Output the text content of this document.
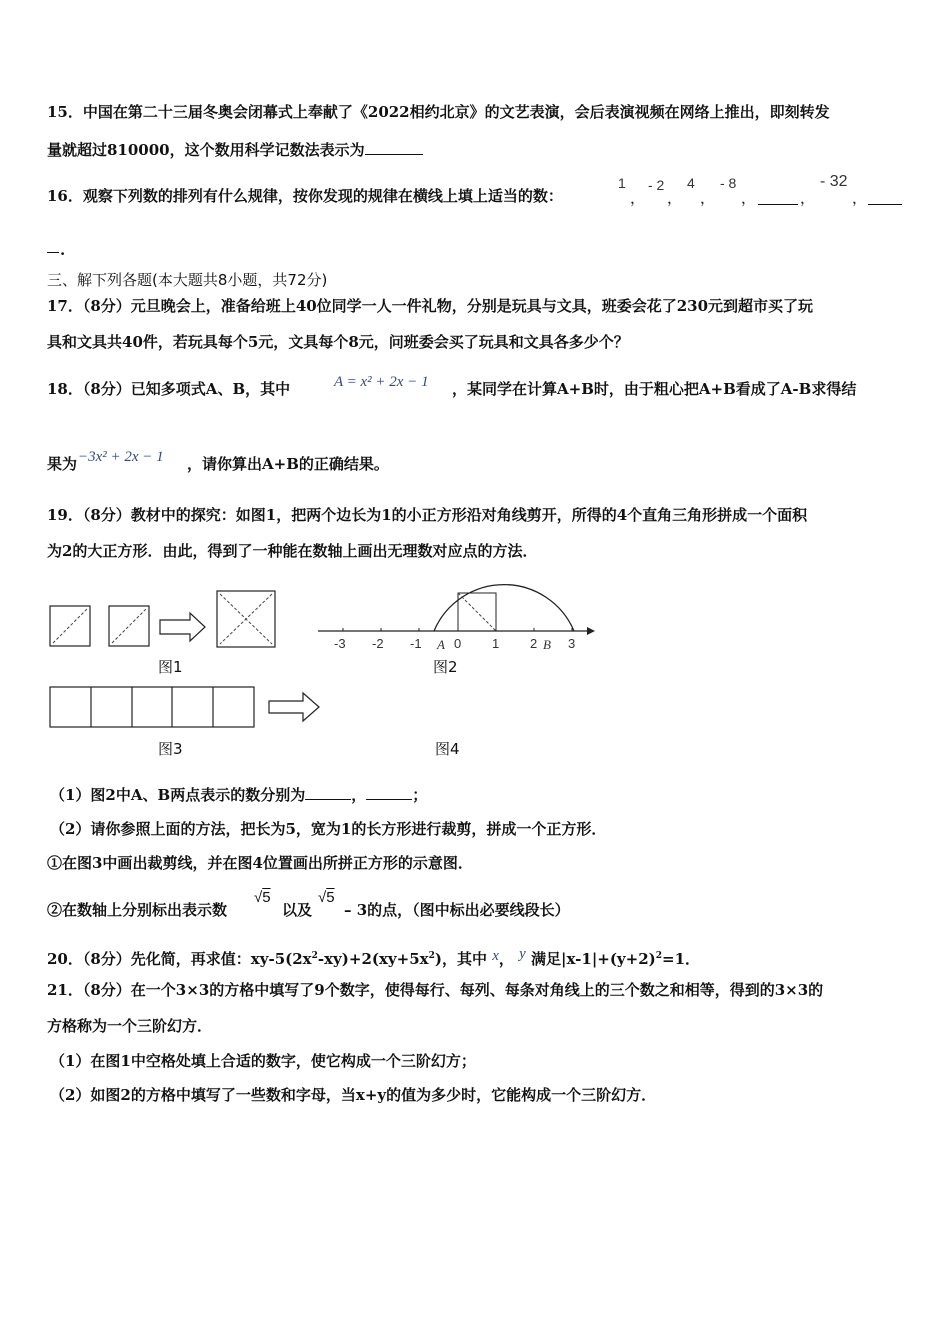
15．中国在第二十三届冬奥会闭幕式上奉献了《2022相约北京》的文艺表演，会后表演视频在网络上推出，即刻转发
量就超过810000，这个数用科学记数法表示为
16．观察下列数的排列有什么规律，按你发现的规律在横线上填上适当的数：
1
，
- 2
，
4
，
- 8
，	，
- 32
，
.
三、解下列各题(本大题共8小题，共72分)
17．（8分）元旦晚会上，准备给班上40位同学一人一件礼物，分别是玩具与文具，班委会花了230元到超市买了玩
具和文具共40件，若玩具每个5元，文具每个8元，问班委会买了玩具和文具各多少个？
18．（8分）已知多项式A、B，其中	A = x² + 2x − 1 ，某同学在计算A+B时，由于粗心把A+B看成了A-B求得结
果为 −3x² + 2x − 1 ，请你算出A+B的正确结果。
19．（8分）教材中的探究：如图1，把两个边长为1的小正方形沿对角线剪开，所得的4个直角三角形拼成一个面积
为2的大正方形．由此，得到了一种能在数轴上画出无理数对应点的方法．
图1
-3 -2 -1 A 0 1 2 B 3
图2
图3	图4
（1）图2中A、B两点表示的数分别为	，	；
（2）请你参照上面的方法，把长为5，宽为1的长方形进行裁剪，拼成一个正方形．
①在图3中画出裁剪线，并在图4位置画出所拼正方形的示意图．
②在数轴上分别标出表示数
√5
以及
√5
– 3的点，（图中标出必要线段长）
20．（8分）先化简，再求值：$xy-5(2x^2-xy)+2(xy+5x^2)$，其中 x， y 满足$|x-1|+(y+2)^2=1$．
21．（8分）在一个3×3的方格中填写了9个数字，使得每行、每列、每条对角线上的三个数之和相等，得到的3×3的
方格称为一个三阶幻方．
（1）在图1中空格处填上合适的数字，使它构成一个三阶幻方；
（2）如图2的方格中填写了一些数和字母，当x+y的值为多少时，它能构成一个三阶幻方．
